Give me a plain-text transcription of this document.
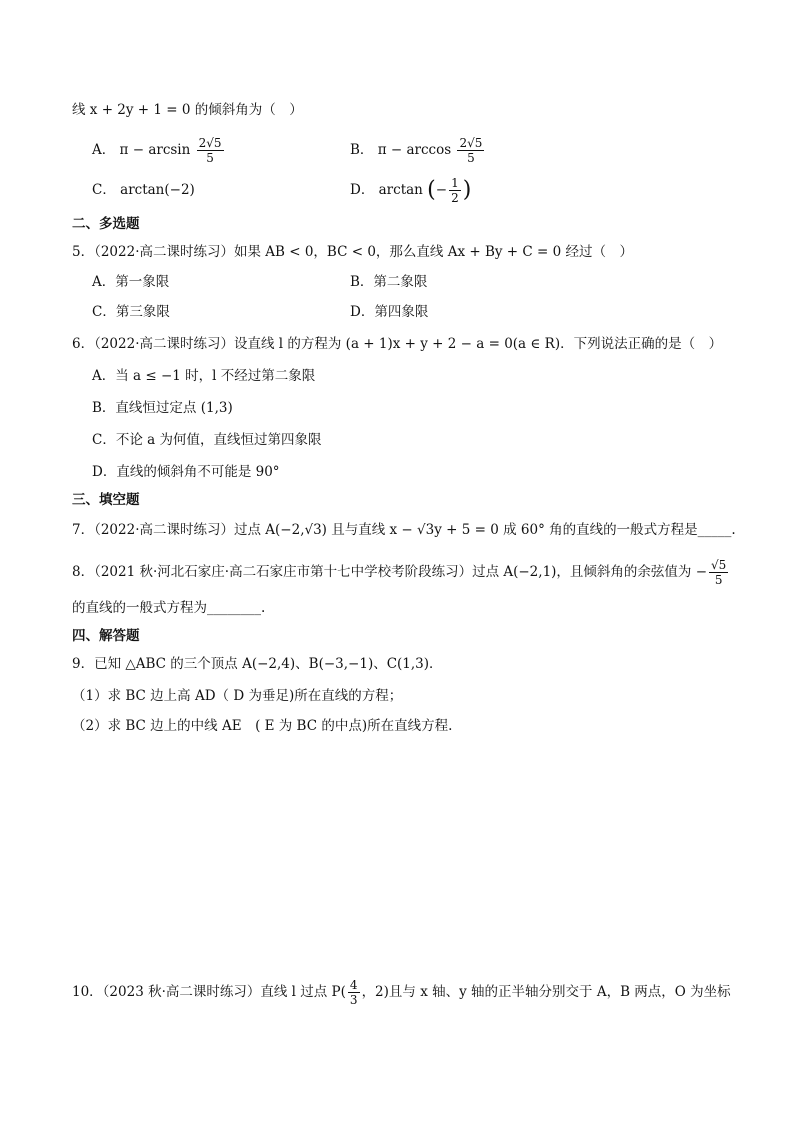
线 x + 2y + 1 = 0 的倾斜角为（　）
A． $\pi - \arcsin \frac{2√5}{5}$	B． $\pi - \arccos \frac{2√5}{5}$
C． arctan(−2)	D． arctan (− $\frac{1}{2}$ )
二、多选题
5．（2022·高二课时练习）如果 AB < 0，BC < 0，那么直线 Ax + By + C = 0 经过（　）
A．第一象限	B．第二象限
C．第三象限	D．第四象限
6．（2022·高二课时练习）设直线 l 的方程为 (a + 1)x + y + 2 − a = 0(a ∈ R)．下列说法正确的是（　）
A．当 a ≤ −1 时，l 不经过第二象限
B．直线恒过定点 (1,3)
C．不论 a 为何值，直线恒过第四象限
D．直线的倾斜角不可能是 90°
三、填空题
7．（2022·高二课时练习）过点 A(−2,√3) 且与直线 x − √3y + 5 = 0 成 60° 角的直线的一般式方程是_____.
8．（2021 秋·河北石家庄·高二石家庄市第十七中学校考阶段练习）过点 A(−2,1)，且倾斜角的余弦值为 − $\frac{√5}{5}$
的直线的一般式方程为________.
四、解答题
9．已知 △ABC 的三个顶点 A(−2,4)、B(−3,−1)、C(1,3)．
（1）求 BC 边上高 AD（ D 为垂足)所在直线的方程；
（2）求 BC 边上的中线 AE　( E 为 BC 的中点)所在直线方程.
10．（2023 秋·高二课时练习）直线 l 过点 $P( \frac{4}{3}$ ，2)且与 x 轴、y 轴的正半轴分别交于 A，B 两点，O 为坐标
